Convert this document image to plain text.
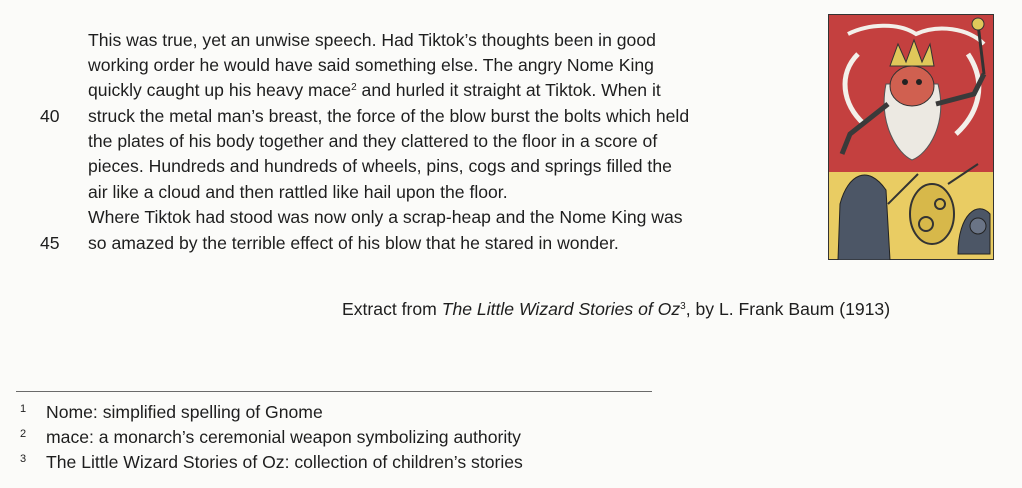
This was true, yet an unwise speech. Had Tiktok’s thoughts been in good
working order he would have said something else. The angry Nome King
quickly caught up his heavy mace$^2$ and hurled it straight at Tiktok. When it
struck the metal man’s breast, the force of the blow burst the bolts which held
the plates of his body together and they clattered to the floor in a score of
pieces. Hundreds and hundreds of wheels, pins, cogs and springs filled the
air like a cloud and then rattled like hail upon the floor.
Where Tiktok had stood was now only a scrap-heap and the Nome King was
so amazed by the terrible effect of his blow that he stared in wonder.
40
45
Extract from The Little Wizard Stories of Oz$^3$, by L. Frank Baum (1913)
1 Nome: simplified spelling of Gnome
2 mace: a monarch’s ceremonial weapon symbolizing authority
3 The Little Wizard Stories of Oz: collection of children’s stories
